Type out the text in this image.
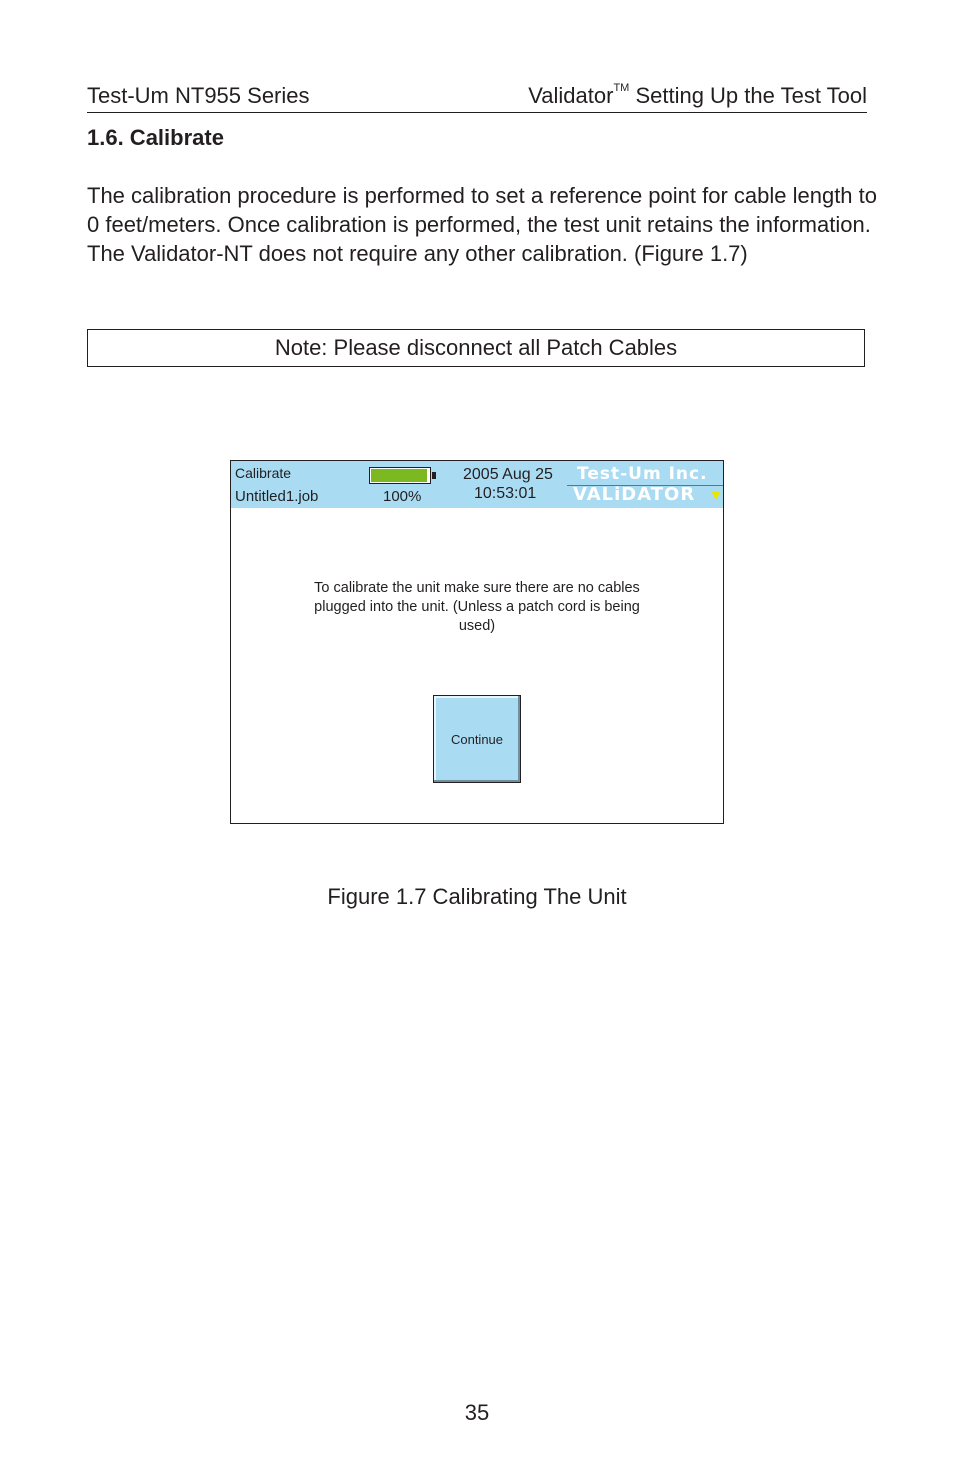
Test-Um NT955 Series	Validator™ Setting Up the Test Tool
1.6. Calibrate
The calibration procedure is performed to set a reference point for cable length to 0 feet/meters. Once calibration is performed, the test unit retains the information. The Validator-NT does not require any other calibration. (Figure 1.7)
Note: Please disconnect all Patch Cables
Calibrate
Untitled1.job	100%
2005 Aug 25
10:53:01
Test-Um Inc.
VALiDATOR
To calibrate the unit make sure there are no cables plugged into the unit. (Unless a patch cord is being used)
Continue
Figure 1.7 Calibrating The Unit
35
